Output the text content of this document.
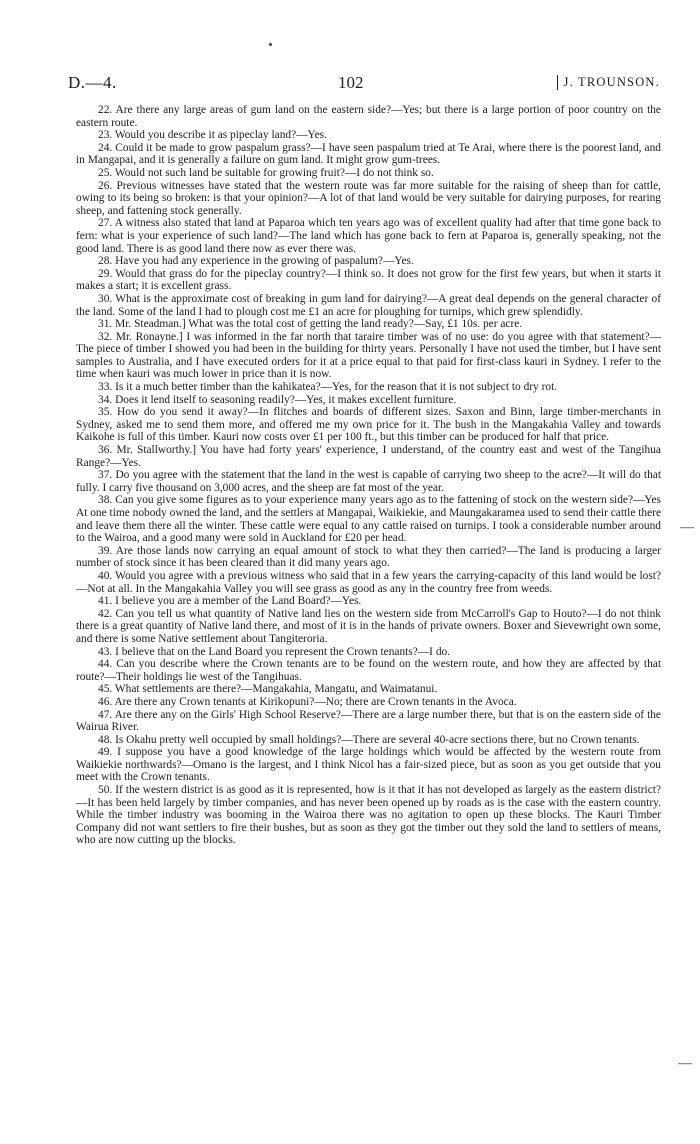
D.—4.	102	J. TROUNSON.

22. Are there any large areas of gum land on the eastern side?—Yes; but there is a large portion of poor country on the eastern route.

23. Would you describe it as pipeclay land?—Yes.

24. Could it be made to grow paspalum grass?—I have seen paspalum tried at Te Arai, where there is the poorest land, and in Mangapai, and it is generally a failure on gum land. It might grow gum-trees.

25. Would not such land be suitable for growing fruit?—I do not think so.

26. Previous witnesses have stated that the western route was far more suitable for the raising of sheep than for cattle, owing to its being so broken: is that your opinion?—A lot of that land would be very suitable for dairying purposes, for rearing sheep, and fattening stock generally.

27. A witness also stated that land at Paparoa which ten years ago was of excellent quality had after that time gone back to fern: what is your experience of such land?—The land which has gone back to fern at Paparoa is, generally speaking, not the good land. There is as good land there now as ever there was.

28. Have you had any experience in the growing of paspalum?—Yes.

29. Would that grass do for the pipeclay country?—I think so. It does not grow for the first few years, but when it starts it makes a start; it is excellent grass.

30. What is the approximate cost of breaking in gum land for dairying?—A great deal depends on the general character of the land. Some of the land I had to plough cost me £1 an acre for ploughing for turnips, which grew splendidly.

31. Mr. Steadman.] What was the total cost of getting the land ready?—Say, £1 10s. per acre.

32. Mr. Ronayne.] I was informed in the far north that taraire timber was of no use: do you agree with that statement?—The piece of timber I showed you had been in the building for thirty years. Personally I have not used the timber, but I have sent samples to Australia, and I have executed orders for it at a price equal to that paid for first-class kauri in Sydney. I refer to the time when kauri was much lower in price than it is now.

33. Is it a much better timber than the kahikatea?—Yes, for the reason that it is not subject to dry rot.

34. Does it lend itself to seasoning readily?—Yes, it makes excellent furniture.

35. How do you send it away?—In flitches and boards of different sizes. Saxon and Binn, large timber-merchants in Sydney, asked me to send them more, and offered me my own price for it. The bush in the Mangakahia Valley and towards Kaikohe is full of this timber. Kauri now costs over £1 per 100 ft., but this timber can be produced for half that price.

36. Mr. Stallworthy.] You have had forty years' experience, I understand, of the country east and west of the Tangihua Range?—Yes.

37. Do you agree with the statement that the land in the west is capable of carrying two sheep to the acre?—It will do that fully. I carry five thousand on 3,000 acres, and the sheep are fat most of the year.

38. Can you give some figures as to your experience many years ago as to the fattening of stock on the western side?—Yes At one time nobody owned the land, and the settlers at Mangapai, Waikiekie, and Maungakaramea used to send their cattle there and leave them there all the winter. These cattle were equal to any cattle raised on turnips. I took a considerable number around to the Wairoa, and a good many were sold in Auckland for £20 per head.

39. Are those lands now carrying an equal amount of stock to what they then carried?—The land is producing a larger number of stock since it has been cleared than it did many years ago.

40. Would you agree with a previous witness who said that in a few years the carrying-capacity of this land would be lost?—Not at all. In the Mangakahia Valley you will see grass as good as any in the country free from weeds.

41. I believe you are a member of the Land Board?—Yes.

42. Can you tell us what quantity of Native land lies on the western side from McCarroll's Gap to Houto?—I do not think there is a great quantity of Native land there, and most of it is in the hands of private owners. Boxer and Sievewright own some, and there is some Native settlement about Tangiteroria.

43. I believe that on the Land Board you represent the Crown tenants?—I do.

44. Can you describe where the Crown tenants are to be found on the western route, and how they are affected by that route?—Their holdings lie west of the Tangihuas.

45. What settlements are there?—Mangakahia, Mangatu, and Waimatanui.

46. Are there any Crown tenants at Kirikopuni?—No; there are Crown tenants in the Avoca.

47. Are there any on the Girls' High School Reserve?—There are a large number there, but that is on the eastern side of the Wairua River.

48. Is Okahu pretty well occupied by small holdings?—There are several 40-acre sections there, but no Crown tenants.

49. I suppose you have a good knowledge of the large holdings which would be affected by the western route from Waikiekie northwards?—Omano is the largest, and I think Nicol has a fair-sized piece, but as soon as you get outside that you meet with the Crown tenants.

50. If the western district is as good as it is represented, how is it that it has not developed as largely as the eastern district?—It has been held largely by timber companies, and has never been opened up by roads as is the case with the eastern country. While the timber industry was booming in the Wairoa there was no agitation to open up these blocks. The Kauri Timber Company did not want settlers to fire their bushes, but as soon as they got the timber out they sold the land to settlers of means, who are now cutting up the blocks.

—
—
